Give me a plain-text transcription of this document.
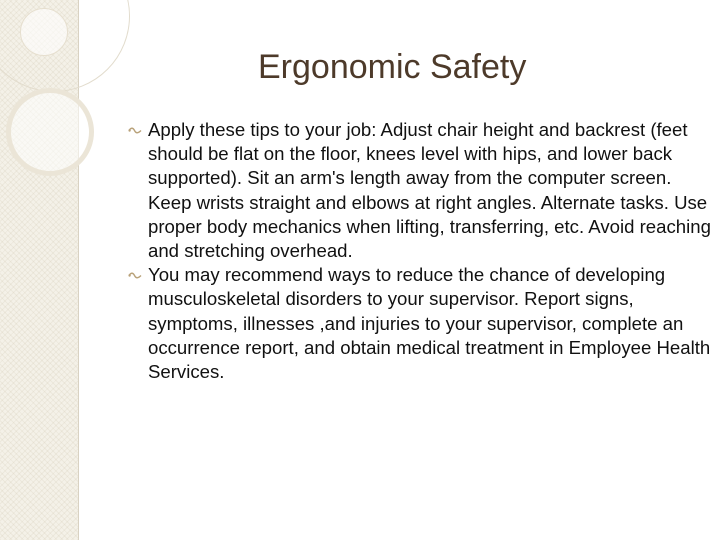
Ergonomic Safety

Apply these tips to your job: Adjust chair height and backrest (feet should be flat on the floor, knees level with hips, and lower back supported). Sit an arm's length away from the computer screen. Keep wrists straight and elbows at right angles. Alternate tasks. Use proper body mechanics when lifting, transferring, etc. Avoid reaching and stretching overhead.

You may recommend ways to reduce the chance of developing musculoskeletal disorders to your supervisor. Report signs, symptoms, illnesses ,and injuries to your supervisor, complete an occurrence report, and obtain medical treatment in Employee Health Services.
